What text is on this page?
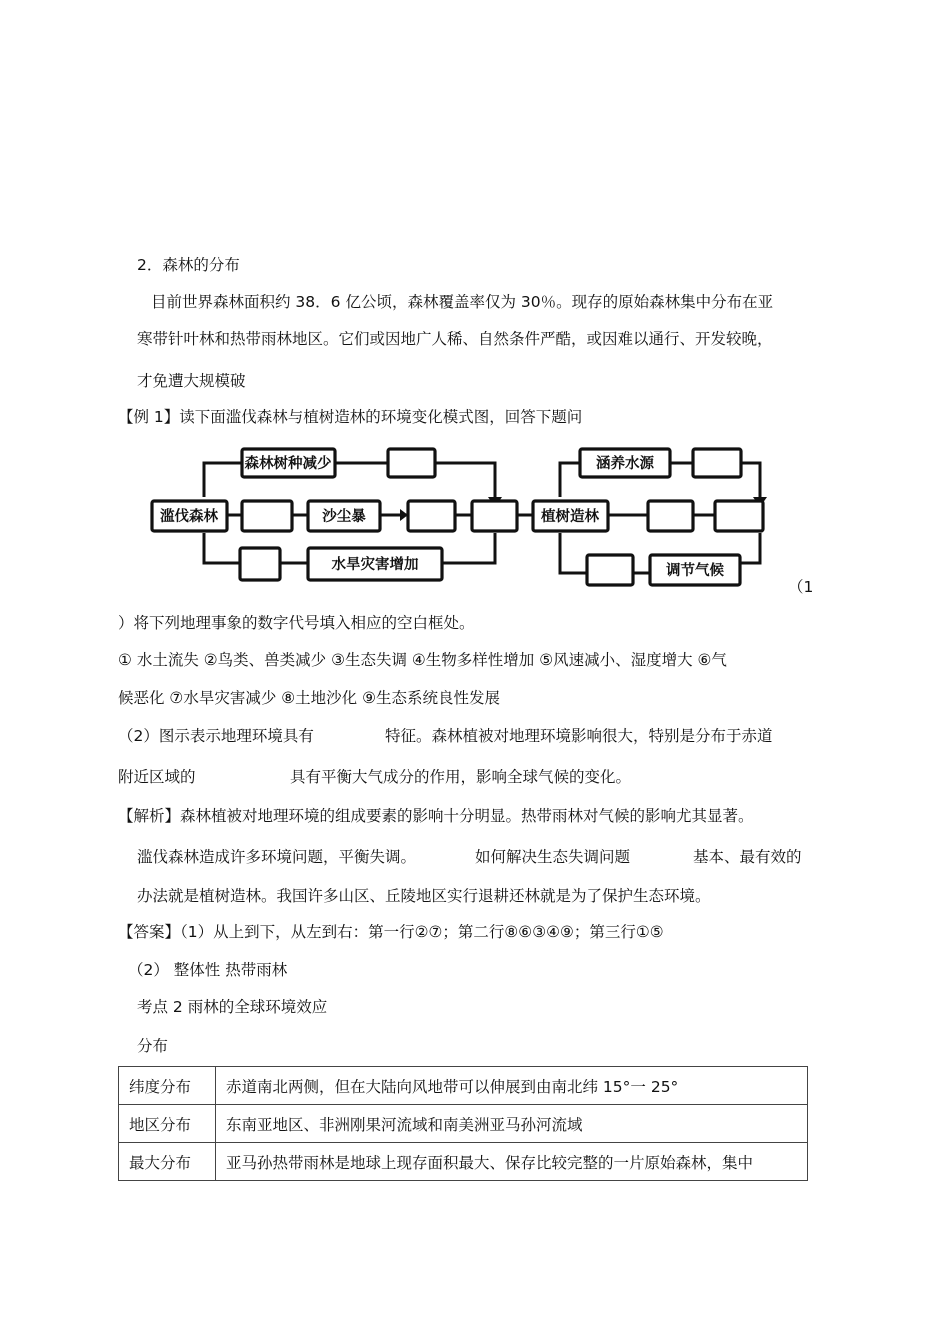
2．森林的分布
目前世界森林面积约 38．6 亿公顷，森林覆盖率仅为 30％。现存的原始森林集中分布在亚
寒带针叶林和热带雨林地区。它们或因地广人稀、自然条件严酷，或因难以通行、开发较晚，
才免遭大规模破
【例 1】读下面滥伐森林与植树造林的环境变化模式图，回答下题问
滥伐森林
森林树种减少
沙尘暴
水旱灾害增加
植树造林
涵养水源
调节气候
（1
）将下列地理事象的数字代号填入相应的空白框处。
① 水土流失 ②鸟类、兽类减少 ③生态失调 ④生物多样性增加 ⑤风速减小、湿度增大 ⑥气
候恶化 ⑦水旱灾害减少 ⑧土地沙化 ⑨生态系统良性发展
（2）图示表示地理环境具有	特征。森林植被对地理环境影响很大，特别是分布于赤道
附近区域的	具有平衡大气成分的作用，影响全球气候的变化。
【解析】森林植被对地理环境的组成要素的影响十分明显。热带雨林对气候的影响尤其显著。
滥伐森林造成许多环境问题，平衡失调。	如何解决生态失调问题	基本、最有效的
办法就是植树造林。我国许多山区、丘陵地区实行退耕还林就是为了保护生态环境。
【答案】（1）从上到下，从左到右：第一行②⑦；第二行⑧⑥③④⑨；第三行①⑤
（2） 整体性 热带雨林
考点 2 雨林的全球环境效应
分布
纬度分布	赤道南北两侧，但在大陆向风地带可以伸展到由南北纬 15°一 25°
地区分布	东南亚地区、非洲刚果河流域和南美洲亚马孙河流域
最大分布	亚马孙热带雨林是地球上现存面积最大、保存比较完整的一片原始森林，集中
